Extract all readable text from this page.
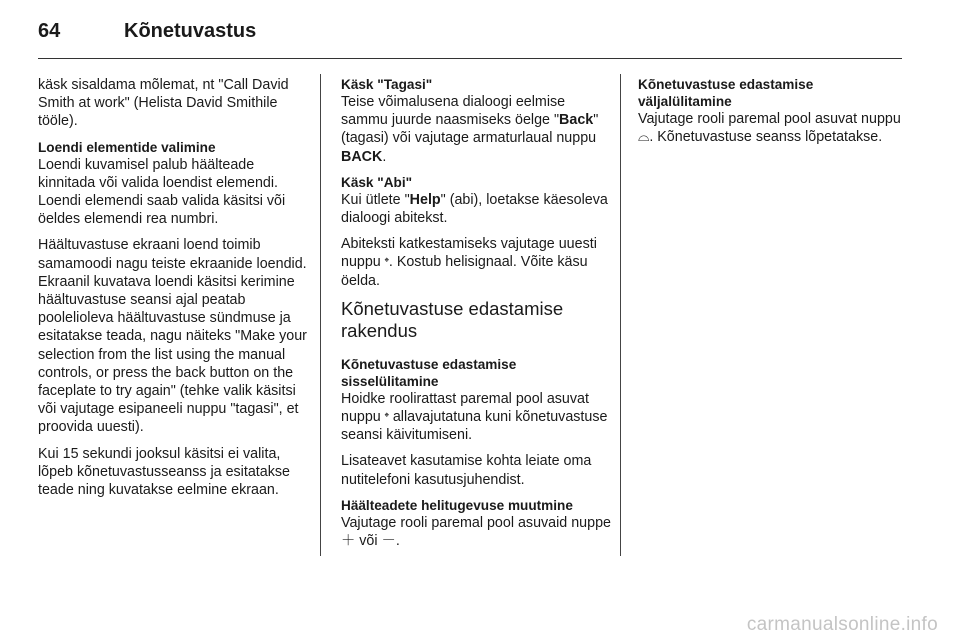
64	Kõnetuvastus

käsk sisaldama mõlemat, nt "Call David Smith at work" (Helista David Smithile tööle).

Loendi elementide valimine

Loendi kuvamisel palub häälteade kinnitada või valida loendist elemendi. Loendi elemendi saab valida käsitsi või öeldes elemendi rea numbri.

Häältuvastuse ekraani loend toimib samamoodi nagu teiste ekraanide loendid. Ekraanil kuvatava loendi käsitsi kerimine häältuvastuse seansi ajal peatab poolelioleva häältuvastuse sündmuse ja esitatakse teada, nagu näiteks "Make your selection from the list using the manual controls, or press the back button on the faceplate to try again" (tehke valik käsitsi või vajutage esipaneeli nuppu "tagasi", et proovida uuesti).

Kui 15 sekundi jooksul käsitsi ei valita, lõpeb kõnetuvastusseanss ja esitatakse teade ning kuvatakse eelmine ekraan.

Käsk "Tagasi"

Teise võimalusena dialoogi eelmise sammu juurde naasmiseks öelge "Back" (tagasi) või vajutage armaturlaual nuppu BACK.

Käsk "Abi"

Kui ütlete "Help" (abi), loetakse käesoleva dialoogi abitekst.

Abiteksti katkestamiseks vajutage uuesti nuppu 𝄌. Kostub helisignaal. Võite käsu öelda.

Kõnetuvastuse edastamise rakendus
Kõnetuvastuse edastamise sisselülitamine

Hoidke roolirattast paremal pool asuvat nuppu 𝄌 allavajutatuna kuni kõnetuvastuse seansi käivitumiseni.

Lisateavet kasutamise kohta leiate oma nutitelefoni kasutusjuhendist.

Häälteadete helitugevuse muutmine

Vajutage rooli paremal pool asuvaid nuppe ＋ või －.

Kõnetuvastuse edastamise väljalülitamine

Vajutage rooli paremal pool asuvat nuppu ⌓. Kõnetuvastuse seanss lõpetatakse.

carmanualsonline.info
